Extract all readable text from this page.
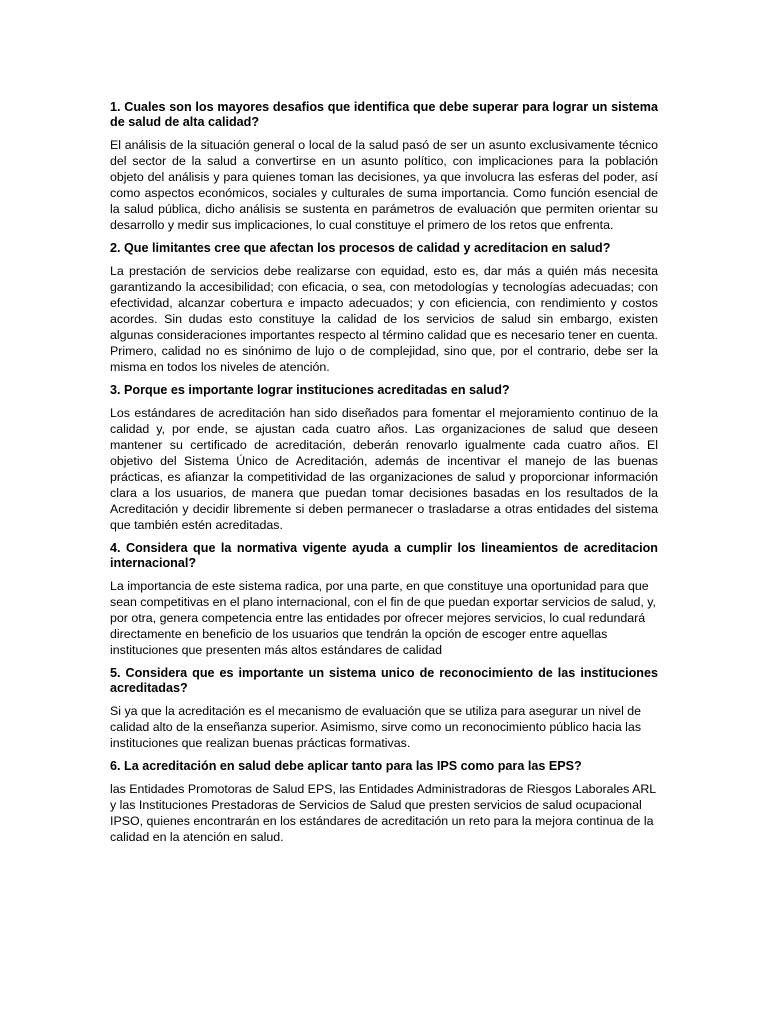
1. Cuales son los mayores desafios que identifica que debe superar para lograr un sistema de salud de alta calidad?

El análisis de la situación general o local de la salud pasó de ser un asunto exclusivamente técnico del sector de la salud a convertirse en un asunto político, con implicaciones para la población objeto del análisis y para quienes toman las decisiones, ya que involucra las esferas del poder, así como aspectos económicos, sociales y culturales de suma importancia. Como función esencial de la salud pública, dicho análisis se sustenta en parámetros de evaluación que permiten orientar su desarrollo y medir sus implicaciones, lo cual constituye el primero de los retos que enfrenta.

2. Que limitantes cree que afectan los procesos de calidad y acreditacion en salud?

La prestación de servicios debe realizarse con equidad, esto es, dar más a quién más necesita garantizando la accesibilidad; con eficacia, o sea, con metodologías y tecnologías adecuadas; con efectividad, alcanzar cobertura e impacto adecuados; y con eficiencia, con rendimiento y costos acordes. Sin dudas esto constituye la calidad de los servicios de salud sin embargo, existen algunas consideraciones importantes respecto al término calidad que es necesario tener en cuenta. Primero, calidad no es sinónimo de lujo o de complejidad, sino que, por el contrario, debe ser la misma en todos los niveles de atención.

3. Porque es importante lograr instituciones acreditadas en salud?

Los estándares de acreditación han sido diseñados para fomentar el mejoramiento continuo de la calidad y, por ende, se ajustan cada cuatro años. Las organizaciones de salud que deseen mantener su certificado de acreditación, deberán renovarlo igualmente cada cuatro años. El objetivo del Sistema Único de Acreditación, además de incentivar el manejo de las buenas prácticas, es afianzar la competitividad de las organizaciones de salud y proporcionar información clara a los usuarios, de manera que puedan tomar decisiones basadas en los resultados de la Acreditación y decidir libremente si deben permanecer o trasladarse a otras entidades del sistema que también estén acreditadas.

4. Considera que la normativa vigente ayuda a cumplir los lineamientos de acreditacion internacional?

La importancia de este sistema radica, por una parte, en que constituye una oportunidad para que sean competitivas en el plano internacional, con el fin de que puedan exportar servicios de salud, y, por otra, genera competencia entre las entidades por ofrecer mejores servicios, lo cual redundará directamente en beneficio de los usuarios que tendrán la opción de escoger entre aquellas instituciones que presenten más altos estándares de calidad

5. Considera que es importante un sistema unico de reconocimiento de las instituciones acreditadas?

Si ya que la acreditación es el mecanismo de evaluación que se utiliza para asegurar un nivel de calidad alto de la enseñanza superior. Asimismo, sirve como un reconocimiento público hacia las instituciones que realizan buenas prácticas formativas.

6. La acreditación en salud debe aplicar tanto para las IPS como para las EPS?

las Entidades Promotoras de Salud EPS, las Entidades Administradoras de Riesgos Laborales ARL y las Instituciones Prestadoras de Servicios de Salud que presten servicios de salud ocupacional IPSO, quienes encontrarán en los estándares de acreditación un reto para la mejora continua de la calidad en la atención en salud.
